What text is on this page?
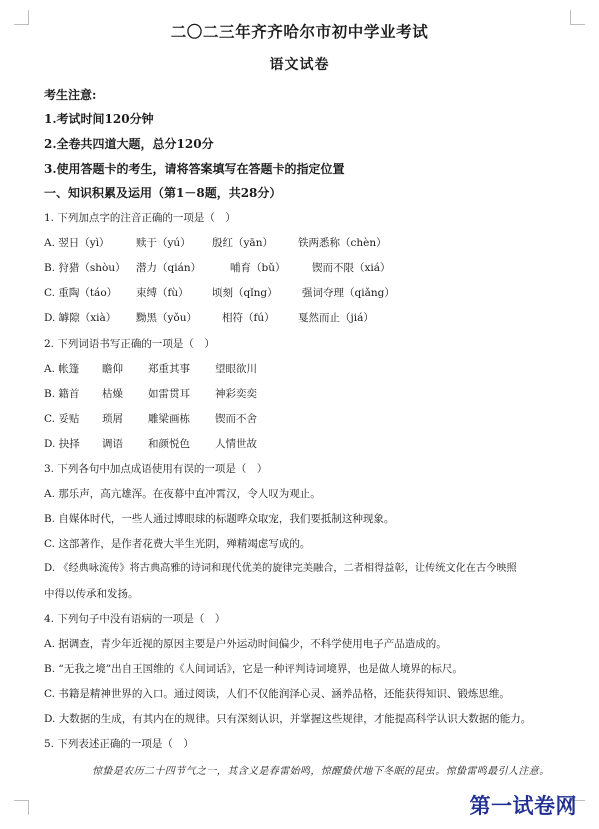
二〇二三年齐齐哈尔市初中学业考试
语文试卷
考生注意:
1.考试时间120分钟
2.全卷共四道大题，总分120分
3.使用答题卡的考生，请将答案填写在答题卡的指定位置
一、知识积累及运用（第1－8题，共28分）
1. 下列加点字的注音正确的一项是（　）
A. 翌日（yì）	赎于（yú） 殷红（yān） 铁两悉称（chèn）
B. 狩猎（shòu） 潜力（qián）	哺育（bǔ）	锲而不限（xiá）
C. 重陶（táo） 束缚（fù） 顷刻（qǐng） 强词夺理（qiǎng）
D. 罅隙（xià） 黝黑（yǒu） 相符（fú） 戛然而止（jiá）
2. 下列词语书写正确的一项是（　）
A. 帐篷 瞻仰 郑重其事 望眼欲川
B. 籍首 枯燥 如雷贯耳 神彩奕奕
C. 妥贴 琐屑 雕梁画栋 锲而不舍
D. 抉择 调语 和颜悦色 人情世故
3. 下列各句中加点成语使用有误的一项是（　）
A. 那乐声，高亢雄浑。在夜幕中直冲霄汉，令人叹为观止。
B. 自媒体时代，一些人通过博眼球的标题哗众取宠，我们要抵制这种现象。
C. 这部著作，是作者花费大半生光阴，殚精竭虑写成的。
D. 《经典咏流传》将古典高雅的诗词和现代优美的旋律完美融合，二者相得益彰，让传统文化在古今映照
中得以传承和发扬。
4. 下列句子中没有语病的一项是（　）
A. 据调查，青少年近视的原因主要是户外运动时间偏少，不科学使用电子产品造成的。
B. “无我之境”出自王国维的《人间词话》，它是一种评判诗词境界，也是做人境界的标尺。
C. 书籍是精神世界的入口。通过阅读，人们不仅能润泽心灵、涵养品格，还能获得知识、锻炼思维。
D. 大数据的生成，有其内在的规律。只有深刻认识，并掌握这些规律，才能提高科学认识大数据的能力。
5. 下列表述正确的一项是（　）
惊蛰是农历二十四节气之一，其含义是春雷始鸣，惊醒蛰伏地下冬眠的昆虫。惊蛰雷鸣最引人注意。
第一试卷网
